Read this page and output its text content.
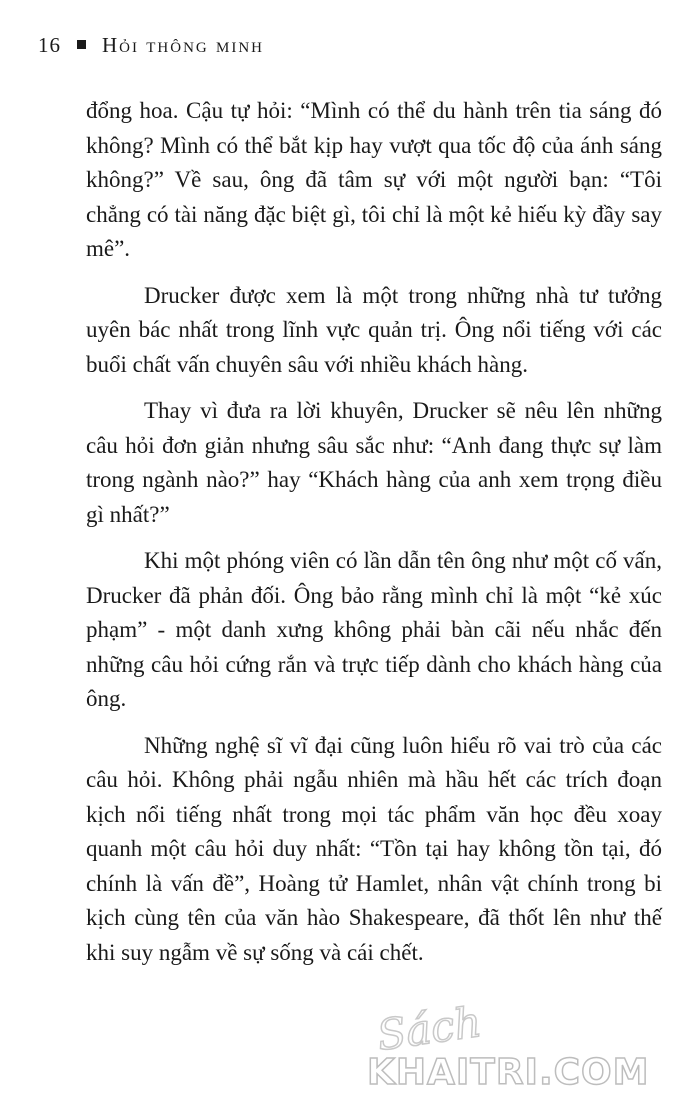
16 Hỏi thông minh

đổng hoa. Cậu tự hỏi: “Mình có thể du hành trên tia sáng đó không? Mình có thể bắt kịp hay vượt qua tốc độ của ánh sáng không?” Về sau, ông đã tâm sự với một người bạn: “Tôi chẳng có tài năng đặc biệt gì, tôi chỉ là một kẻ hiếu kỳ đầy say mê”.

Drucker được xem là một trong những nhà tư tưởng uyên bác nhất trong lĩnh vực quản trị. Ông nổi tiếng với các buổi chất vấn chuyên sâu với nhiều khách hàng.

Thay vì đưa ra lời khuyên, Drucker sẽ nêu lên những câu hỏi đơn giản nhưng sâu sắc như: “Anh đang thực sự làm trong ngành nào?” hay “Khách hàng của anh xem trọng điều gì nhất?”

Khi một phóng viên có lần dẫn tên ông như một cố vấn, Drucker đã phản đối. Ông bảo rằng mình chỉ là một “kẻ xúc phạm” - một danh xưng không phải bàn cãi nếu nhắc đến những câu hỏi cứng rắn và trực tiếp dành cho khách hàng của ông.

Những nghệ sĩ vĩ đại cũng luôn hiểu rõ vai trò của các câu hỏi. Không phải ngẫu nhiên mà hầu hết các trích đoạn kịch nổi tiếng nhất trong mọi tác phẩm văn học đều xoay quanh một câu hỏi duy nhất: “Tồn tại hay không tồn tại, đó chính là vấn đề”, Hoàng tử Hamlet, nhân vật chính trong bi kịch cùng tên của văn hào Shakespeare, đã thốt lên như thế khi suy ngẫm về sự sống và cái chết.

Sách
KHAITRI.COM
